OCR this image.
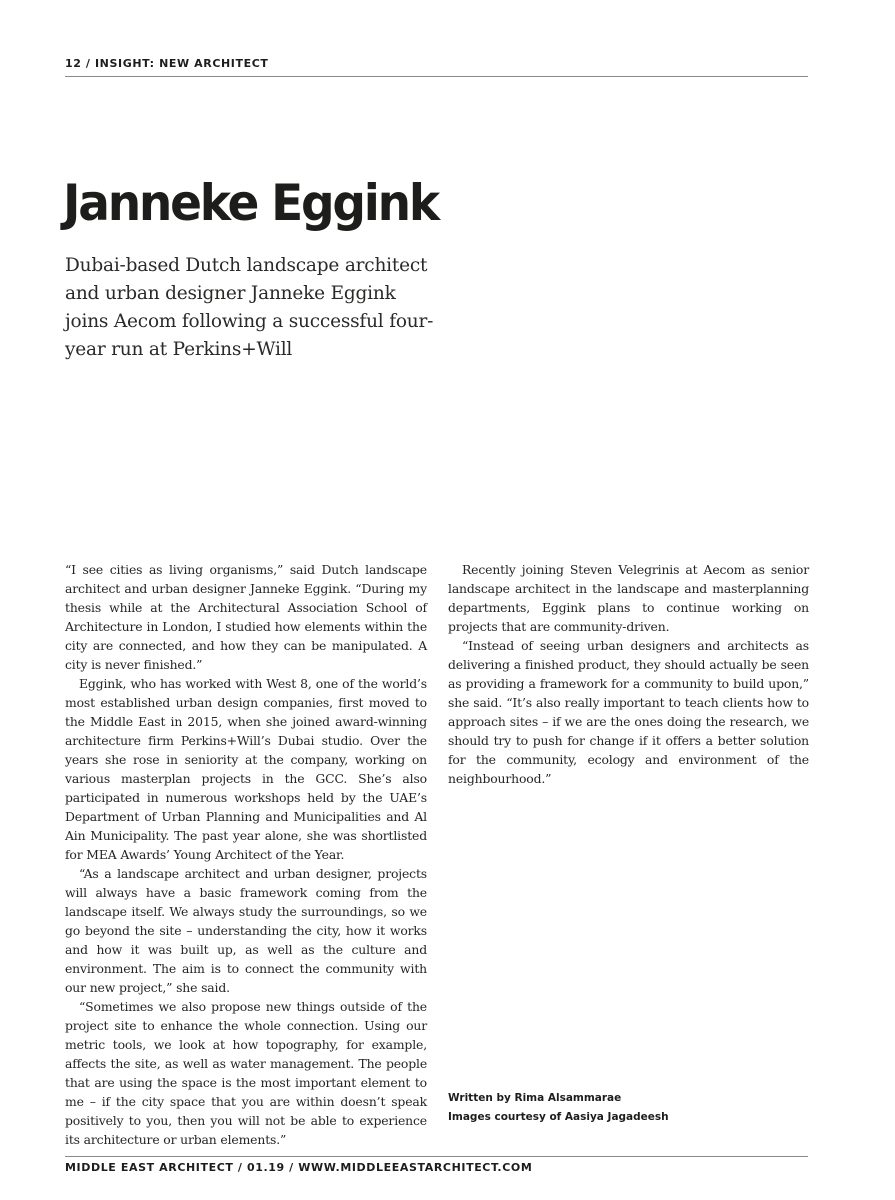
12 / INSIGHT: NEW ARCHITECT
Janneke Eggink

Dubai-based Dutch landscape architect and urban designer Janneke Eggink joins Aecom following a successful four-year run at Perkins+Will

“I see cities as living organisms,” said Dutch landscape architect and urban designer Janneke Eggink. “During my thesis while at the Architectural Association School of Architecture in London, I studied how elements within the city are connected, and how they can be manipulated. A city is never finished.”

Eggink, who has worked with West 8, one of the world’s most established urban design companies, first moved to the Middle East in 2015, when she joined award-winning architecture firm Perkins+Will’s Dubai studio. Over the years she rose in seniority at the company, working on various masterplan projects in the GCC. She’s also participated in numerous workshops held by the UAE’s Department of Urban Planning and Municipalities and Al Ain Municipality. The past year alone, she was shortlisted for MEA Awards’ Young Architect of the Year.

“As a landscape architect and urban designer, projects will always have a basic framework coming from the landscape itself. We always study the surroundings, so we go beyond the site – understanding the city, how it works and how it was built up, as well as the culture and environment. The aim is to connect the community with our new project,” she said.

“Sometimes we also propose new things outside of the project site to enhance the whole connection. Using our metric tools, we look at how topography, for example, affects the site, as well as water management. The people that are using the space is the most important element to me – if the city space that you are within doesn’t speak positively to you, then you will not be able to experience its architecture or urban elements.”

Recently joining Steven Velegrinis at Aecom as senior landscape architect in the landscape and masterplanning departments, Eggink plans to continue working on projects that are community-driven.

“Instead of seeing urban designers and architects as delivering a finished product, they should actually be seen as providing a framework for a community to build upon,” she said. “It’s also really important to teach clients how to approach sites – if we are the ones doing the research, we should try to push for change if it offers a better solution for the community, ecology and environment of the neighbourhood.”

Written by Rima Alsammarae
Images courtesy of Aasiya Jagadeesh
MIDDLE EAST ARCHITECT / 01.19 / WWW.MIDDLEEASTARCHITECT.COM
